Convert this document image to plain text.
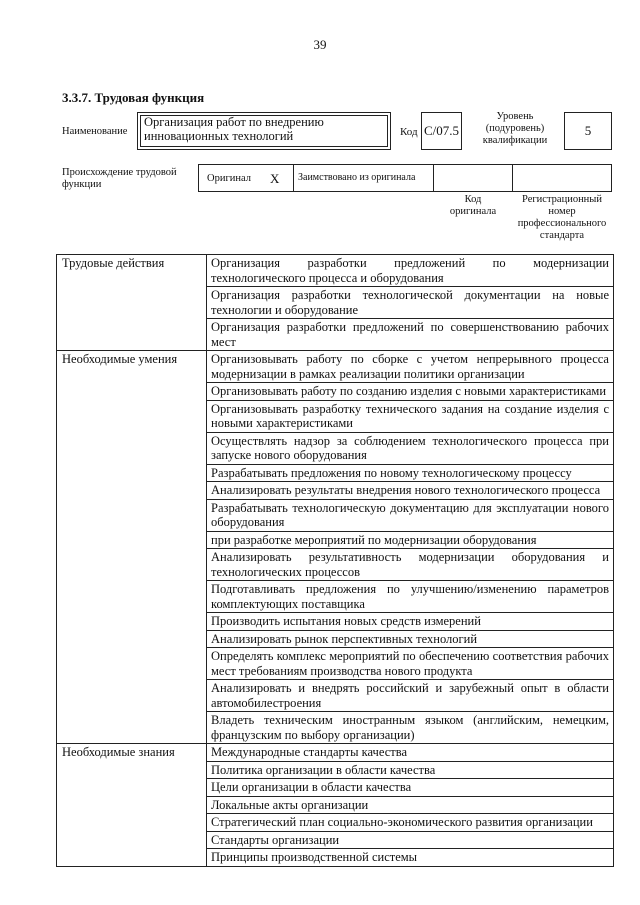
39
3.3.7. Трудовая функция
Наименование
Организация работ по внедрению
инновационных технологий	Код С/07.5
Уровень
(подуровень)
квалификации
5
Происхождение трудовой
функции
Оригинал X Заимствовано из оригинала
Код
оригинала
Регистрационный
номер
профессионального
стандарта
Трудовые действия	Организация разработки предложений по модернизации технологического процесса и оборудования
	Организация разработки технологической документации на новые технологии и оборудование
	Организация разработки предложений по совершенствованию рабочих мест
Необходимые умения	Организовывать работу по сборке с учетом непрерывного процесса модернизации в рамках реализации политики организации
	Организовывать работу по созданию изделия с новыми характеристиками
	Организовывать разработку технического задания на создание изделия с новыми характеристиками
	Осуществлять надзор за соблюдением технологического процесса при запуске нового оборудования
	Разрабатывать предложения по новому технологическому процессу
	Анализировать результаты внедрения нового технологического процесса
	Разрабатывать технологическую документацию для эксплуатации нового оборудования
	при разработке мероприятий по модернизации оборудования
	Анализировать результативность модернизации оборудования и технологических процессов
	Подготавливать предложения по улучшению/изменению параметров комплектующих поставщика
	Производить испытания новых средств измерений
	Анализировать рынок перспективных технологий
	Определять комплекс мероприятий по обеспечению соответствия рабочих мест требованиям производства нового продукта
	Анализировать и внедрять российский и зарубежный опыт в области автомобилестроения
	Владеть техническим иностранным языком (английским, немецким, французским по выбору организации)
Необходимые знания	Международные стандарты качества
	Политика организации в области качества
	Цели организации в области качества
	Локальные акты организации
	Стратегический план социально-экономического развития организации
	Стандарты организации
	Принципы производственной системы
